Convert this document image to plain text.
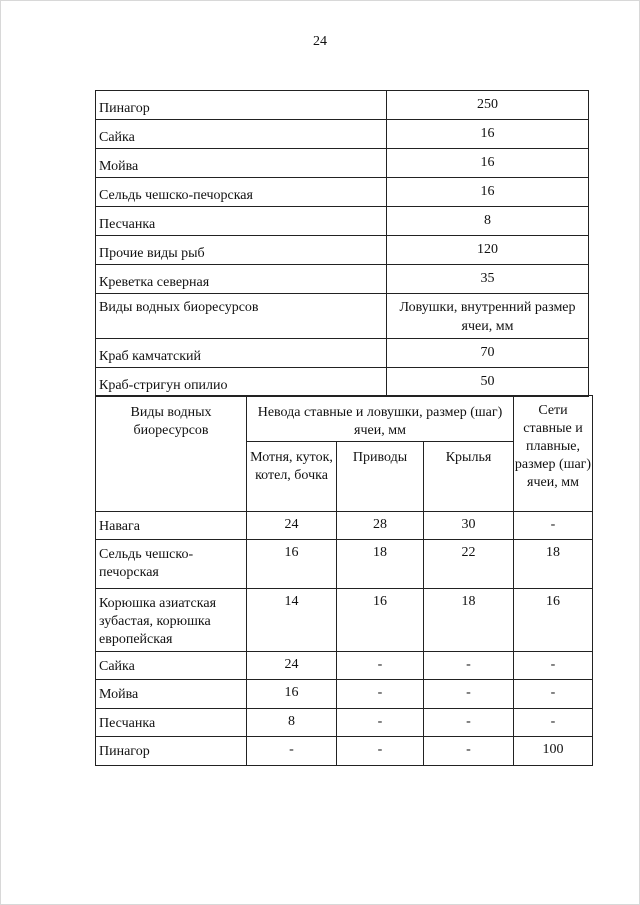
24
Пинагор	250
Сайка	16
Мойва	16
Сельдь чешско-печорская	16
Песчанка	8
Прочие виды рыб	120
Креветка северная	35
Виды водных биоресурсов	Ловушки, внутренний размер ячеи, мм
Краб камчатский	70
Краб-стригун опилио	50
Виды водных биоресурсов	Невода ставные и ловушки, размер (шаг) ячеи, мм			Сети ставные и плавные, размер (шаг) ячеи, мм
	Мотня, куток, котел, бочка	Приводы	Крылья	
Навага	24	28	30	-
Сельдь чешско-печорская	16	18	22	18
Корюшка азиатская зубастая, корюшка европейская	14	16	18	16
Сайка	24	-	-	-
Мойва	16	-	-	-
Песчанка	8	-	-	-
Пинагор	-	-	-	100
